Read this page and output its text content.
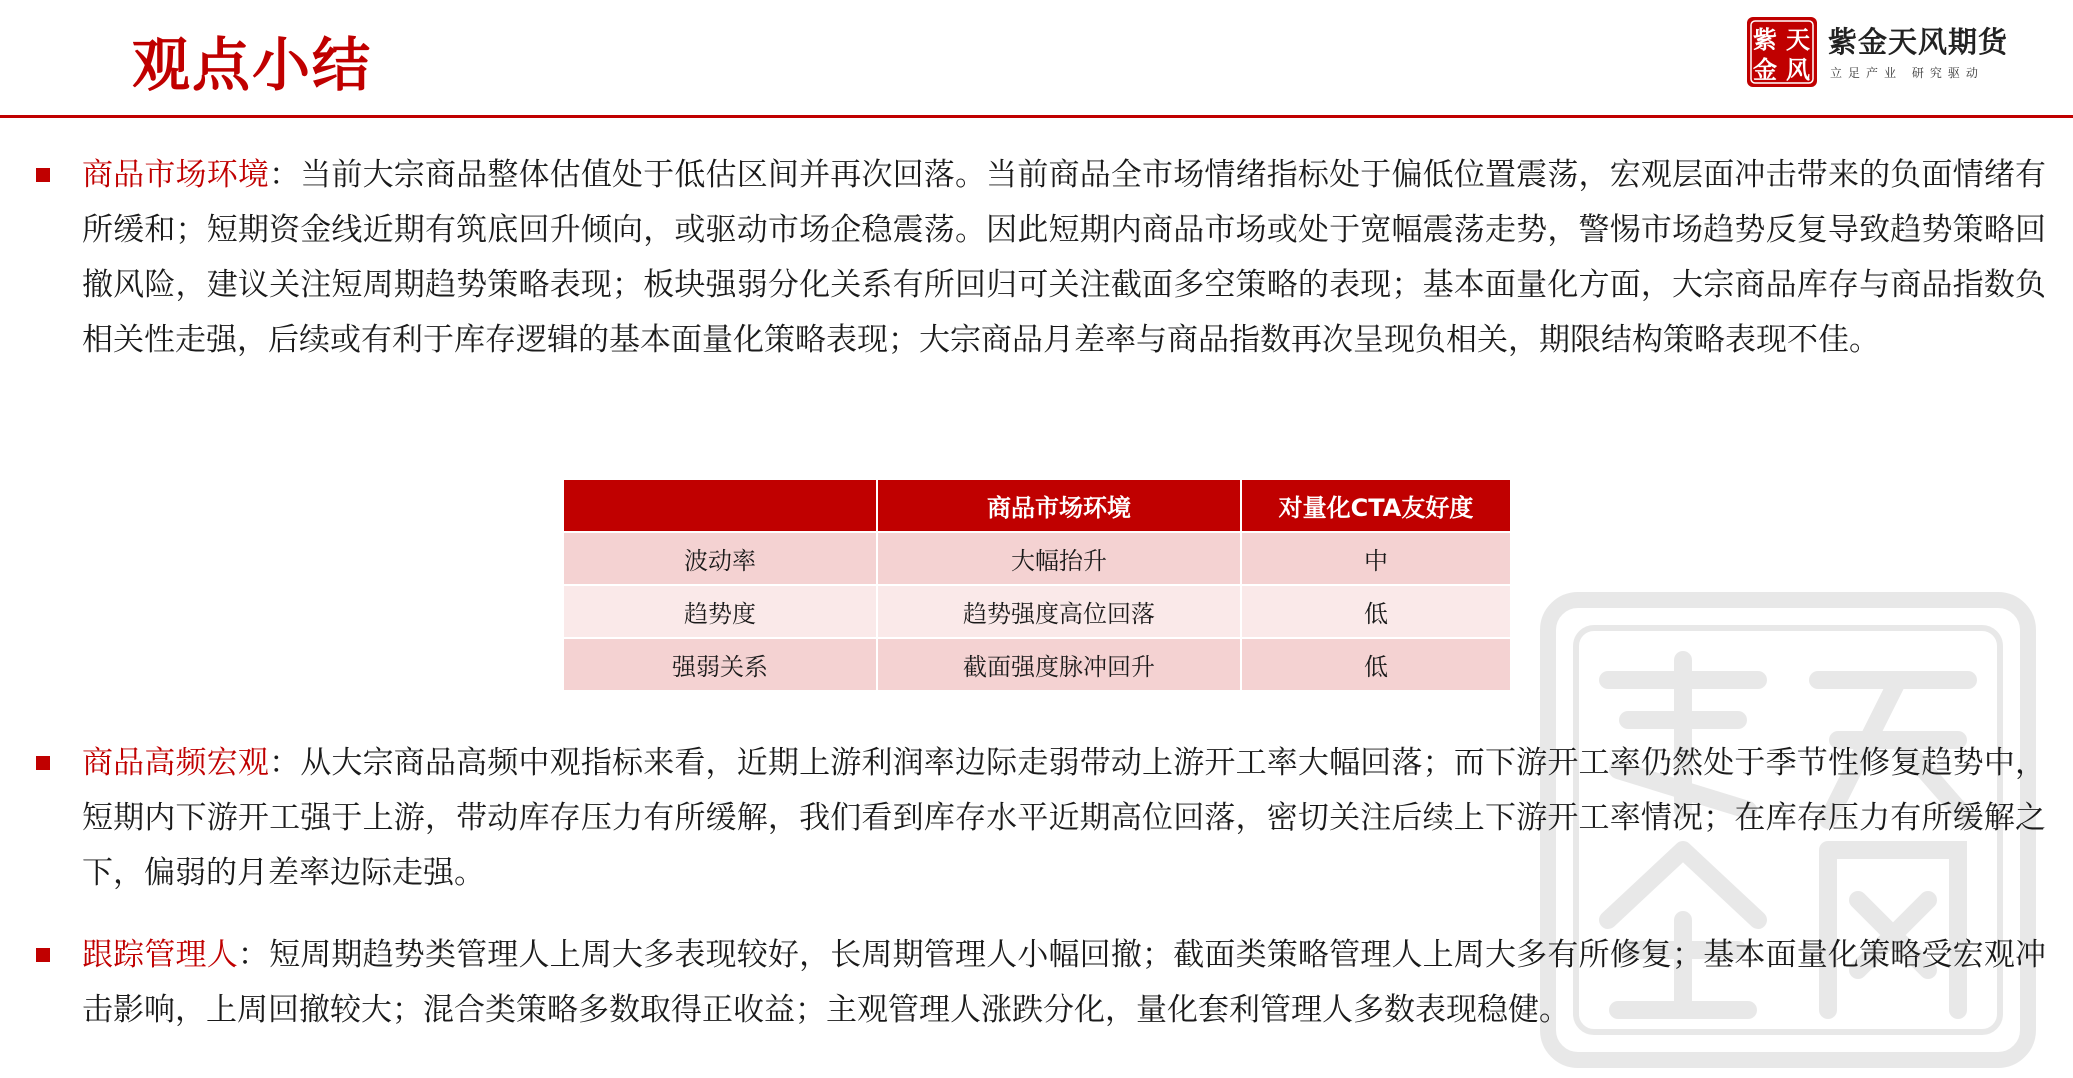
观点小结	紫 天
金 风
紫金天风期货
立足产业 研究驱动
商品市场环境：当前大宗商品整体估值处于低估区间并再次回落。当前商品全市场情绪指标处于偏低位置震荡，宏观层面冲击带来的负面情绪有所缓和；短期资金线近期有筑底回升倾向，或驱动市场企稳震荡。因此短期内商品市场或处于宽幅震荡走势，警惕市场趋势反复导致趋势策略回撤风险，建议关注短周期趋势策略表现；板块强弱分化关系有所回归可关注截面多空策略的表现；基本面量化方面，大宗商品库存与商品指数负相关性走强，后续或有利于库存逻辑的基本面量化策略表现；大宗商品月差率与商品指数再次呈现负相关，期限结构策略表现不佳。
	商品市场环境	对量化CTA友好度
波动率	大幅抬升	中
趋势度	趋势强度高位回落	低
强弱关系	截面强度脉冲回升	低
商品高频宏观：从大宗商品高频中观指标来看，近期上游利润率边际走弱带动上游开工率大幅回落；而下游开工率仍然处于季节性修复趋势中，短期内下游开工强于上游，带动库存压力有所缓解，我们看到库存水平近期高位回落，密切关注后续上下游开工率情况；在库存压力有所缓解之下，偏弱的月差率边际走强。
跟踪管理人：短周期趋势类管理人上周大多表现较好，长周期管理人小幅回撤；截面类策略管理人上周大多有所修复；基本面量化策略受宏观冲击影响，上周回撤较大；混合类策略多数取得正收益；主观管理人涨跌分化，量化套利管理人多数表现稳健。
